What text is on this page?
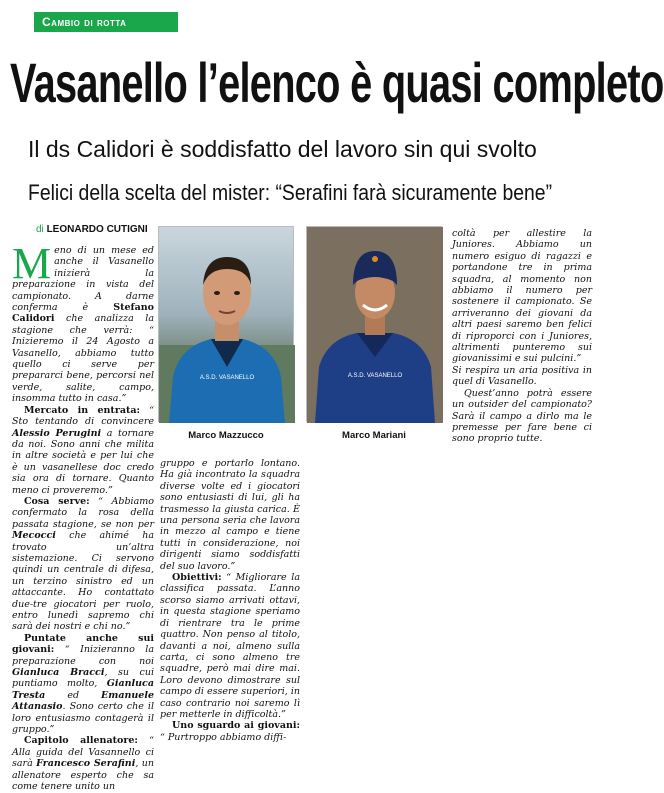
Cambio di rotta
Vasanello l’elenco è quasi completo
Il ds Calidori è soddisfatto del lavoro sin qui svolto
Felici della scelta del mister: “Serafini farà sicuramente bene”
di LEONARDO CUTIGNI

Meno di un mese ed anche il Vasanello inizierà la preparazione in vista del campionato. A darne conferma è Stefano Calidori che analizza la stagione che verrà: “ Inizieremo il 24 Agosto a Vasanello, abbiamo tutto quello ci serve per prepararci bene, percorsi nel verde, salite, campo, insomma tutto in casa.”

Mercato in entrata: “ Sto tentando di convincere Alessio Perugini a tornare da noi. Sono anni che milita in altre società e per lui che è un vasanellese doc credo sia ora di tornare. Quanto meno ci proveremo.”

Cosa serve: “ Abbiamo confermato la rosa della passata stagione, se non per Mecocci che ahimé ha trovato un’altra sistemazione. Ci servono quindi un centrale di difesa, un terzino sinistro ed un attaccante. Ho contattato due-tre giocatori per ruolo, entro lunedì sapremo chi sarà dei nostri e chi no.”

Puntate anche sui giovani: “ Inizieranno la preparazione con noi Gianluca Bracci, su cui puntiamo molto, Gianluca Tresta ed Emanuele Attanasio. Sono certo che il loro entusiasmo contagerà il gruppo.”

Capitolo allenatore: “ Alla guida del Vasannello ci sarà Francesco Serafini, un allenatore esperto che sa come tenere unito un

A.S.D. VASANELLO
Marco Mazzucco
A.S.D. VASANELLO
Marco Mariani

gruppo e portarlo lontano. Ha già incontrato la squadra diverse volte ed i giocatori sono entusiasti di lui, gli ha trasmesso la giusta carica. È una persona seria che lavora in mezzo al campo e tiene tutti in considerazione, noi dirigenti siamo soddisfatti del suo lavoro.”

Obiettivi: “ Migliorare la classifica passata. L’anno scorso siamo arrivati ottavi, in questa stagione speriamo di rientrare tra le prime quattro. Non penso al titolo, davanti a noi, almeno sulla carta, ci sono almeno tre squadre, però mai dire mai. Loro devono dimostrare sul campo di essere superiori, in caso contrario noi saremo lì per metterle in difficoltà.”

Uno sguardo ai giovani: “ Purtroppo abbiamo diffi-

coltà per allestire la Juniores. Abbiamo un numero esiguo di ragazzi e portandone tre in prima squadra, al momento non abbiamo il numero per sostenere il campionato. Se arriveranno dei giovani da altri paesi saremo ben felici di riproporci con i Juniores, altrimenti punteremo sui giovanissimi e sui pulcini.”

Si respira un aria positiva in quel di Vasanello.

Quest’anno potrà essere un outsider del campionato? Sarà il campo a dirlo ma le premesse per fare bene ci sono proprio tutte.
